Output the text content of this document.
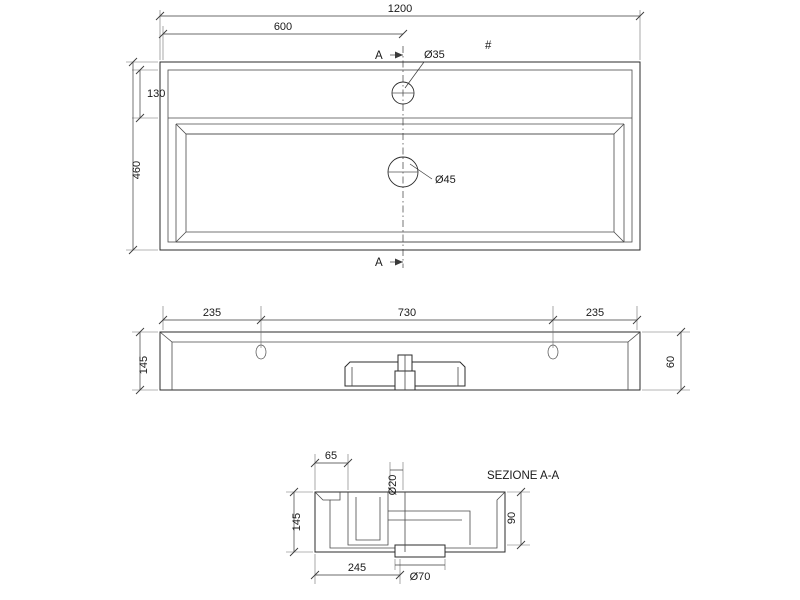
Ø35
Ø45
A
A
#
1200
600
130
460
235	730	235
145	60
SEZIONE A-A
65
Ø20
145	90
245
Ø70
